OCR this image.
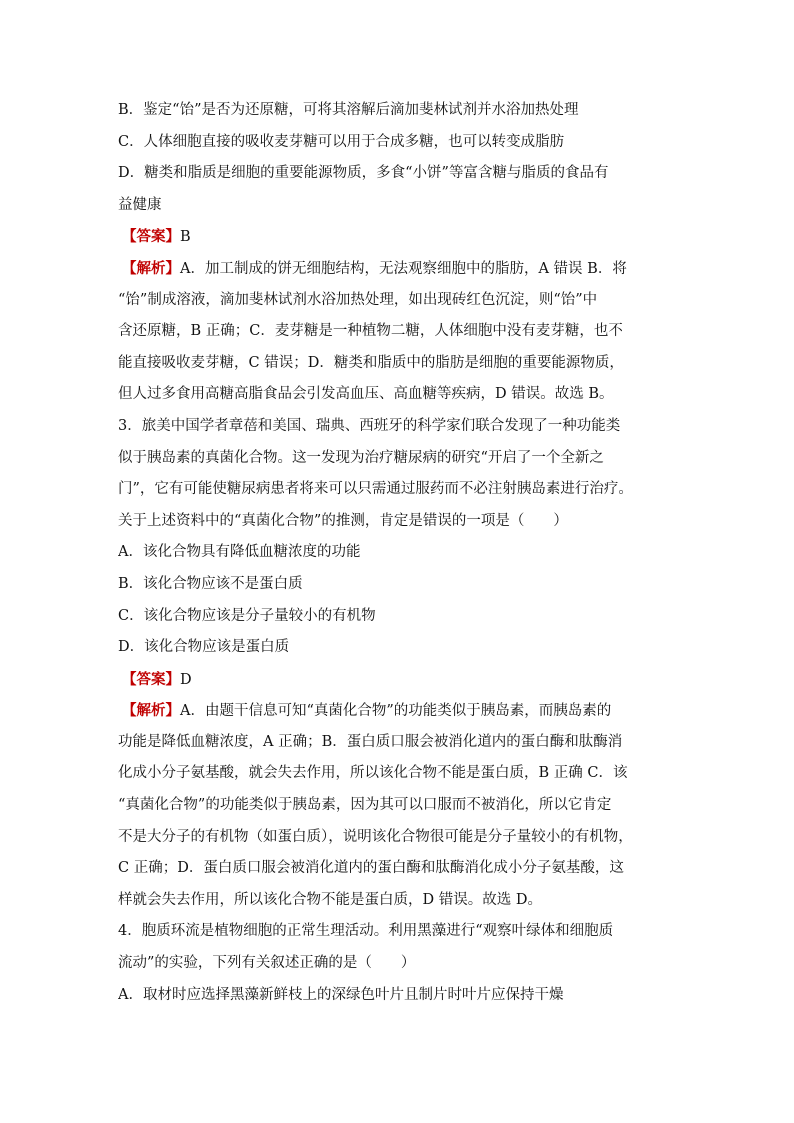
B．鉴定“饴”是否为还原糖，可将其溶解后滴加斐林试剂并水浴加热处理
C．人体细胞直接的吸收麦芽糖可以用于合成多糖，也可以转变成脂肪
D．糖类和脂质是细胞的重要能源物质，多食“小饼”等富含糖与脂质的食品有
益健康
【答案】B
【解析】A．加工制成的饼无细胞结构，无法观察细胞中的脂肪，A 错误 B．将
“饴”制成溶液，滴加斐林试剂水浴加热处理，如出现砖红色沉淀，则“饴”中
含还原糖，B 正确；C．麦芽糖是一种植物二糖，人体细胞中没有麦芽糖，也不
能直接吸收麦芽糖，C 错误；D．糖类和脂质中的脂肪是细胞的重要能源物质，
但人过多食用高糖高脂食品会引发高血压、高血糖等疾病，D 错误。故选 B。
3．旅美中国学者章蓓和美国、瑞典、西班牙的科学家们联合发现了一种功能类
似于胰岛素的真菌化合物。这一发现为治疗糖尿病的研究“开启了一个全新之
门”，它有可能使糖尿病患者将来可以只需通过服药而不必注射胰岛素进行治疗。
关于上述资料中的“真菌化合物”的推测，肯定是错误的一项是（　　）
A．该化合物具有降低血糖浓度的功能
B．该化合物应该不是蛋白质
C．该化合物应该是分子量较小的有机物
D．该化合物应该是蛋白质
【答案】D
【解析】A．由题干信息可知“真菌化合物”的功能类似于胰岛素，而胰岛素的
功能是降低血糖浓度，A 正确；B．蛋白质口服会被消化道内的蛋白酶和肽酶消
化成小分子氨基酸，就会失去作用，所以该化合物不能是蛋白质，B 正确 C．该
“真菌化合物”的功能类似于胰岛素，因为其可以口服而不被消化，所以它肯定
不是大分子的有机物（如蛋白质），说明该化合物很可能是分子量较小的有机物，
C 正确；D．蛋白质口服会被消化道内的蛋白酶和肽酶消化成小分子氨基酸，这
样就会失去作用，所以该化合物不能是蛋白质，D 错误。故选 D。
4．胞质环流是植物细胞的正常生理活动。利用黑藻进行“观察叶绿体和细胞质
流动”的实验，下列有关叙述正确的是（　　）
A．取材时应选择黑藻新鲜枝上的深绿色叶片且制片时叶片应保持干燥
